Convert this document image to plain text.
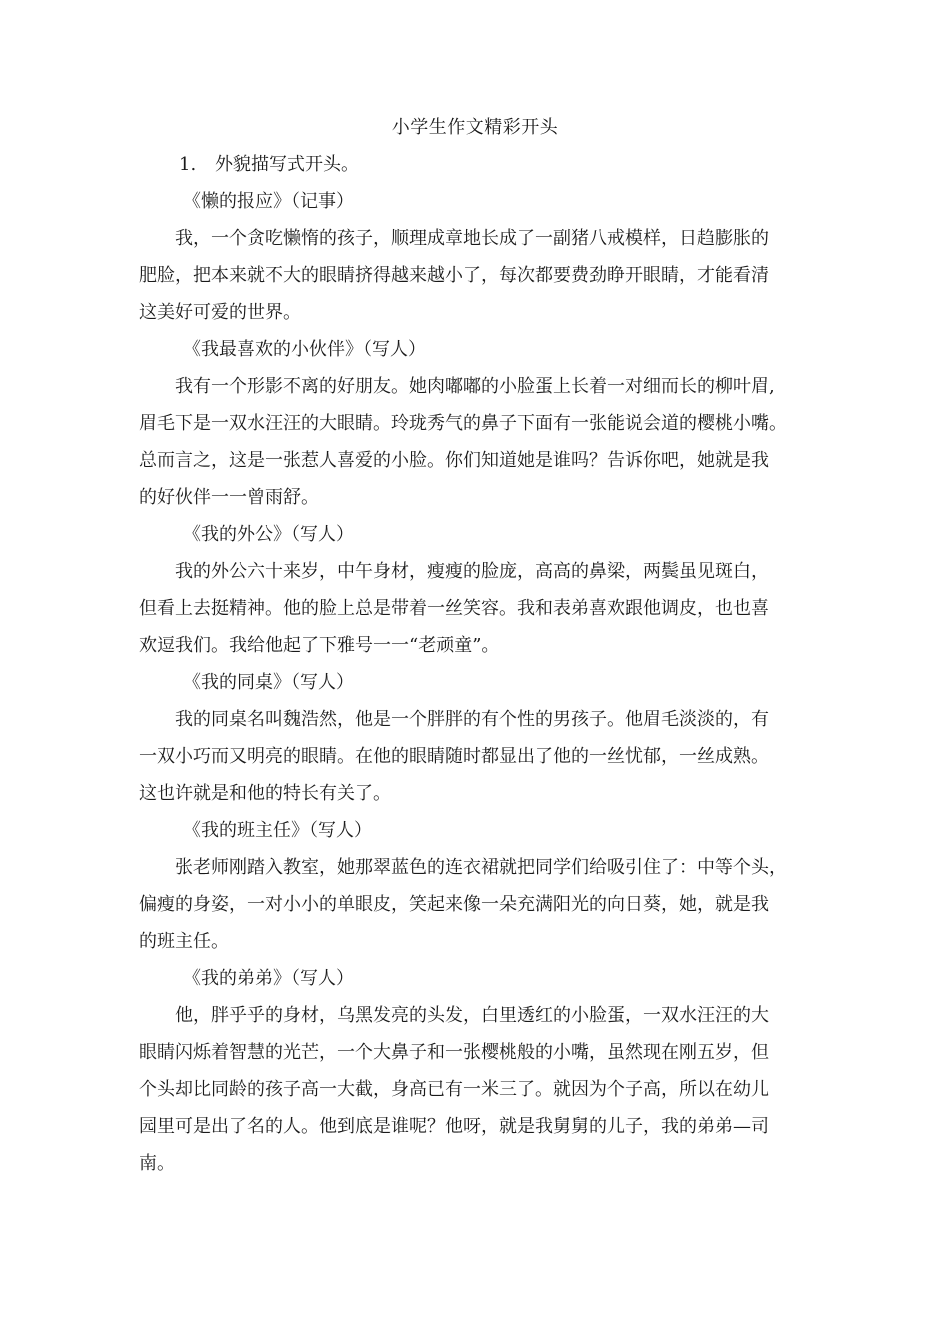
小学生作文精彩开头

1. 外貌描写式开头。

《懒的报应》（记事）

我，一个贪吃懒惰的孩子，顺理成章地长成了一副猪八戒模样，日趋膨胀的
肥脸，把本来就不大的眼睛挤得越来越小了，每次都要费劲睁开眼睛，才能看清
这美好可爱的世界。

《我最喜欢的小伙伴》（写人）

我有一个形影不离的好朋友。她肉嘟嘟的小脸蛋上长着一对细而长的柳叶眉,
眉毛下是一双水汪汪的大眼睛。玲珑秀气的鼻子下面有一张能说会道的樱桃小嘴。
总而言之，这是一张惹人喜爱的小脸。你们知道她是谁吗？告诉你吧，她就是我
的好伙伴一一曾雨舒。

《我的外公》（写人）

我的外公六十来岁，中午身材，瘦瘦的脸庞，高高的鼻梁，两鬓虽见斑白，
但看上去挺精神。他的脸上总是带着一丝笑容。我和表弟喜欢跟他调皮，也也喜
欢逗我们。我给他起了下雅号一一“老顽童”。

《我的同桌》（写人）

我的同桌名叫魏浩然，他是一个胖胖的有个性的男孩子。他眉毛淡淡的，有
一双小巧而又明亮的眼睛。在他的眼睛随时都显出了他的一丝忧郁，一丝成熟。
这也许就是和他的特长有关了。

《我的班主任》（写人）

张老师刚踏入教室，她那翠蓝色的连衣裙就把同学们给吸引住了：中等个头，
偏瘦的身姿，一对小小的单眼皮，笑起来像一朵充满阳光的向日葵，她，就是我
的班主任。

《我的弟弟》（写人）

他，胖乎乎的身材，乌黑发亮的头发，白里透红的小脸蛋，一双水汪汪的大
眼睛闪烁着智慧的光芒，一个大鼻子和一张樱桃般的小嘴，虽然现在刚五岁，但
个头却比同龄的孩子高一大截，身高已有一米三了。就因为个子高，所以在幼儿
园里可是出了名的人。他到底是谁呢？他呀，就是我舅舅的儿子，我的弟弟—司
南。
